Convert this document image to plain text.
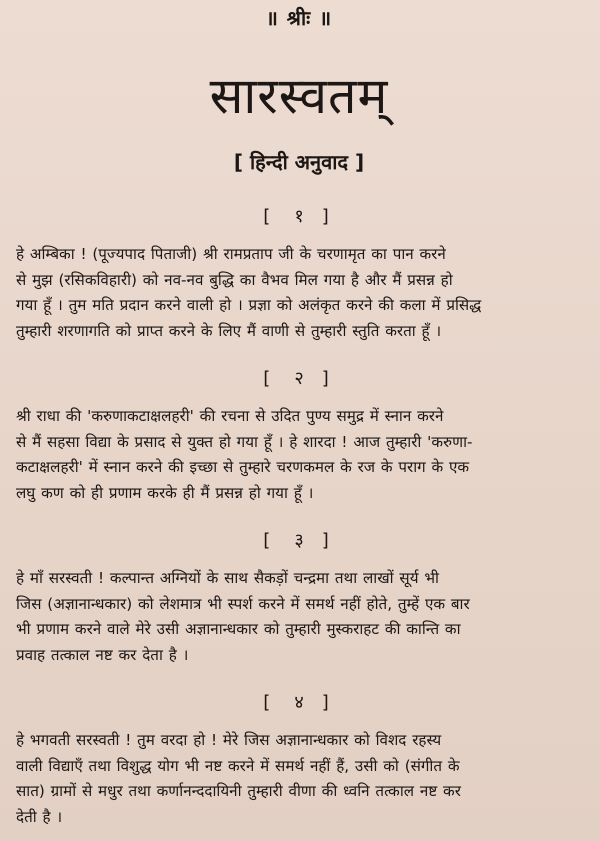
॥ श्रीः ॥
सारस्वतम्
[ हिन्दी अनुवाद ]
[ १ ]

हे अम्बिका ! (पूज्यपाद पिताजी) श्री रामप्रताप जी के चरणामृत का पान करने
से मुझ (रसिकविहारी) को नव-नव बुद्धि का वैभव मिल गया है और मैं प्रसन्न हो
गया हूँ । तुम मति प्रदान करने वाली हो । प्रज्ञा को अलंकृत करने की कला में प्रसिद्ध
तुम्हारी शरणागति को प्राप्त करने के लिए मैं वाणी से तुम्हारी स्तुति करता हूँ ।

[ २ ]

श्री राधा की 'करुणाकटाक्षलहरी' की रचना से उदित पुण्य समुद्र में स्नान करने
से मैं सहसा विद्या के प्रसाद से युक्त हो गया हूँ । हे शारदा ! आज तुम्हारी 'करुणा-
कटाक्षलहरी' में स्नान करने की इच्छा से तुम्हारे चरणकमल के रज के पराग के एक
लघु कण को ही प्रणाम करके ही मैं प्रसन्न हो गया हूँ ।

[ ३ ]

हे माँ सरस्वती ! कल्पान्त अग्नियों के साथ सैकड़ों चन्द्रमा तथा लाखों सूर्य भी
जिस (अज्ञानान्धकार) को लेशमात्र भी स्पर्श करने में समर्थ नहीं होते, तुम्हें एक बार
भी प्रणाम करने वाले मेरे उसी अज्ञानान्धकार को तुम्हारी मुस्कराहट की कान्ति का
प्रवाह तत्काल नष्ट कर देता है ।

[ ४ ]

हे भगवती सरस्वती ! तुम वरदा हो ! मेरे जिस अज्ञानान्धकार को विशद रहस्य
वाली विद्याएँ तथा विशुद्ध योग भी नष्ट करने में समर्थ नहीं हैं, उसी को (संगीत के
सात) ग्रामों से मधुर तथा कर्णानन्ददायिनी तुम्हारी वीणा की ध्वनि तत्काल नष्ट कर
देती है ।
